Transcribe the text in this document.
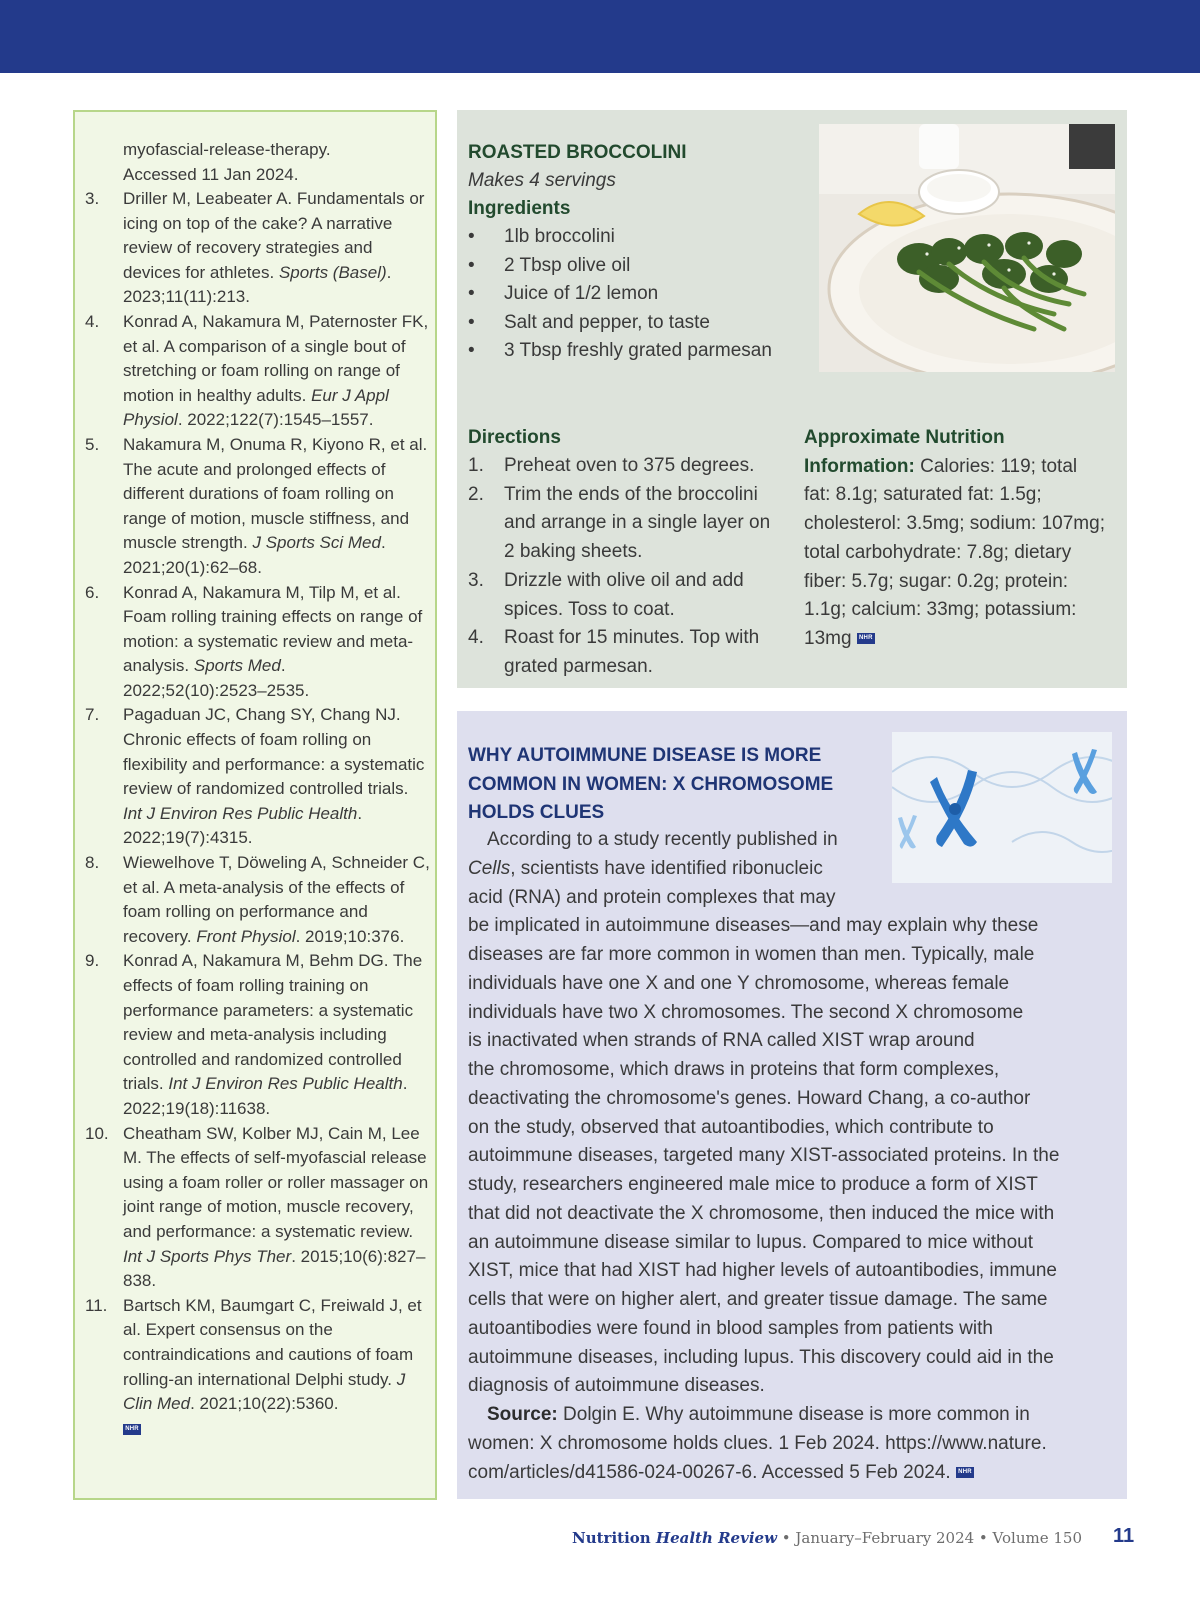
myofascial-release-therapy.
Accessed 11 Jan 2024.
3.	Driller M, Leabeater A. Fundamentals or icing on top of the cake? A narrative review of recovery strategies and devices for athletes. Sports (Basel). 2023;11(11):213.
4.	Konrad A, Nakamura M, Paternoster FK, et al. A comparison of a single bout of stretching or foam rolling on range of motion in healthy adults. Eur J Appl Physiol. 2022;122(7):1545–1557.
5.	Nakamura M, Onuma R, Kiyono R, et al. The acute and prolonged effects of different durations of foam rolling on range of motion, muscle stiffness, and muscle strength. J Sports Sci Med. 2021;20(1):62–68.
6.	Konrad A, Nakamura M, Tilp M, et al. Foam rolling training effects on range of motion: a systematic review and meta-analysis. Sports Med. 2022;52(10):2523–2535.
7.	Pagaduan JC, Chang SY, Chang NJ. Chronic effects of foam rolling on flexibility and performance: a systematic review of randomized controlled trials. Int J Environ Res Public Health. 2022;19(7):4315.
8.	Wiewelhove T, Döweling A, Schneider C, et al. A meta-analysis of the effects of foam rolling on performance and recovery. Front Physiol. 2019;10:376.
9.	Konrad A, Nakamura M, Behm DG. The effects of foam rolling training on performance parameters: a systematic review and meta-analysis including controlled and randomized controlled trials. Int J Environ Res Public Health. 2022;19(18):11638.
10. Cheatham SW, Kolber MJ, Cain M, Lee M. The effects of self-myofascial release using a foam roller or roller massager on joint range of motion, muscle recovery, and performance: a systematic review. Int J Sports Phys Ther. 2015;10(6):827–838.
11. Bartsch KM, Baumgart C, Freiwald J, et al. Expert consensus on the contraindications and cautions of foam rolling-an international Delphi study. J Clin Med. 2021;10(22):5360.
NHR
ROASTED BROCCOLINI
Makes 4 servings
Ingredients
•	1lb broccolini
•	2 Tbsp olive oil
•	Juice of 1/2 lemon
•	Salt and pepper, to taste
•	3 Tbsp freshly grated parmesan
Directions
1.	Preheat oven to 375 degrees.
2.	Trim the ends of the broccolini and arrange in a single layer on 2 baking sheets.
3.	Drizzle with olive oil and add spices. Toss to coat.
4.	Roast for 15 minutes. Top with grated parmesan.
Approximate Nutrition
Information: Calories: 119; total
fat: 8.1g; saturated fat: 1.5g;
cholesterol: 3.5mg; sodium: 107mg;
total carbohydrate: 7.8g; dietary
fiber: 5.7g; sugar: 0.2g; protein:
1.1g; calcium: 33mg; potassium:
13mg NHR
WHY AUTOIMMUNE DISEASE IS MORE
COMMON IN WOMEN: X CHROMOSOME
HOLDS CLUES
According to a study recently published in
Cells, scientists have identified ribonucleic
acid (RNA) and protein complexes that may
be implicated in autoimmune diseases—and may explain why these
diseases are far more common in women than men. Typically, male
individuals have one X and one Y chromosome, whereas female
individuals have two X chromosomes. The second X chromosome
is inactivated when strands of RNA called XIST wrap around
the chromosome, which draws in proteins that form complexes,
deactivating the chromosome's genes. Howard Chang, a co-author
on the study, observed that autoantibodies, which contribute to
autoimmune diseases, targeted many XIST-associated proteins. In the
study, researchers engineered male mice to produce a form of XIST
that did not deactivate the X chromosome, then induced the mice with
an autoimmune disease similar to lupus. Compared to mice without
XIST, mice that had XIST had higher levels of autoantibodies, immune
cells that were on higher alert, and greater tissue damage. The same
autoantibodies were found in blood samples from patients with
autoimmune diseases, including lupus. This discovery could aid in the
diagnosis of autoimmune diseases.
Source: Dolgin E. Why autoimmune disease is more common in
women: X chromosome holds clues. 1 Feb 2024. https://www.nature.
com/articles/d41586-024-00267-6. Accessed 5 Feb 2024. NHR
Nutrition Health Review • January–February 2024 • Volume 150 11
